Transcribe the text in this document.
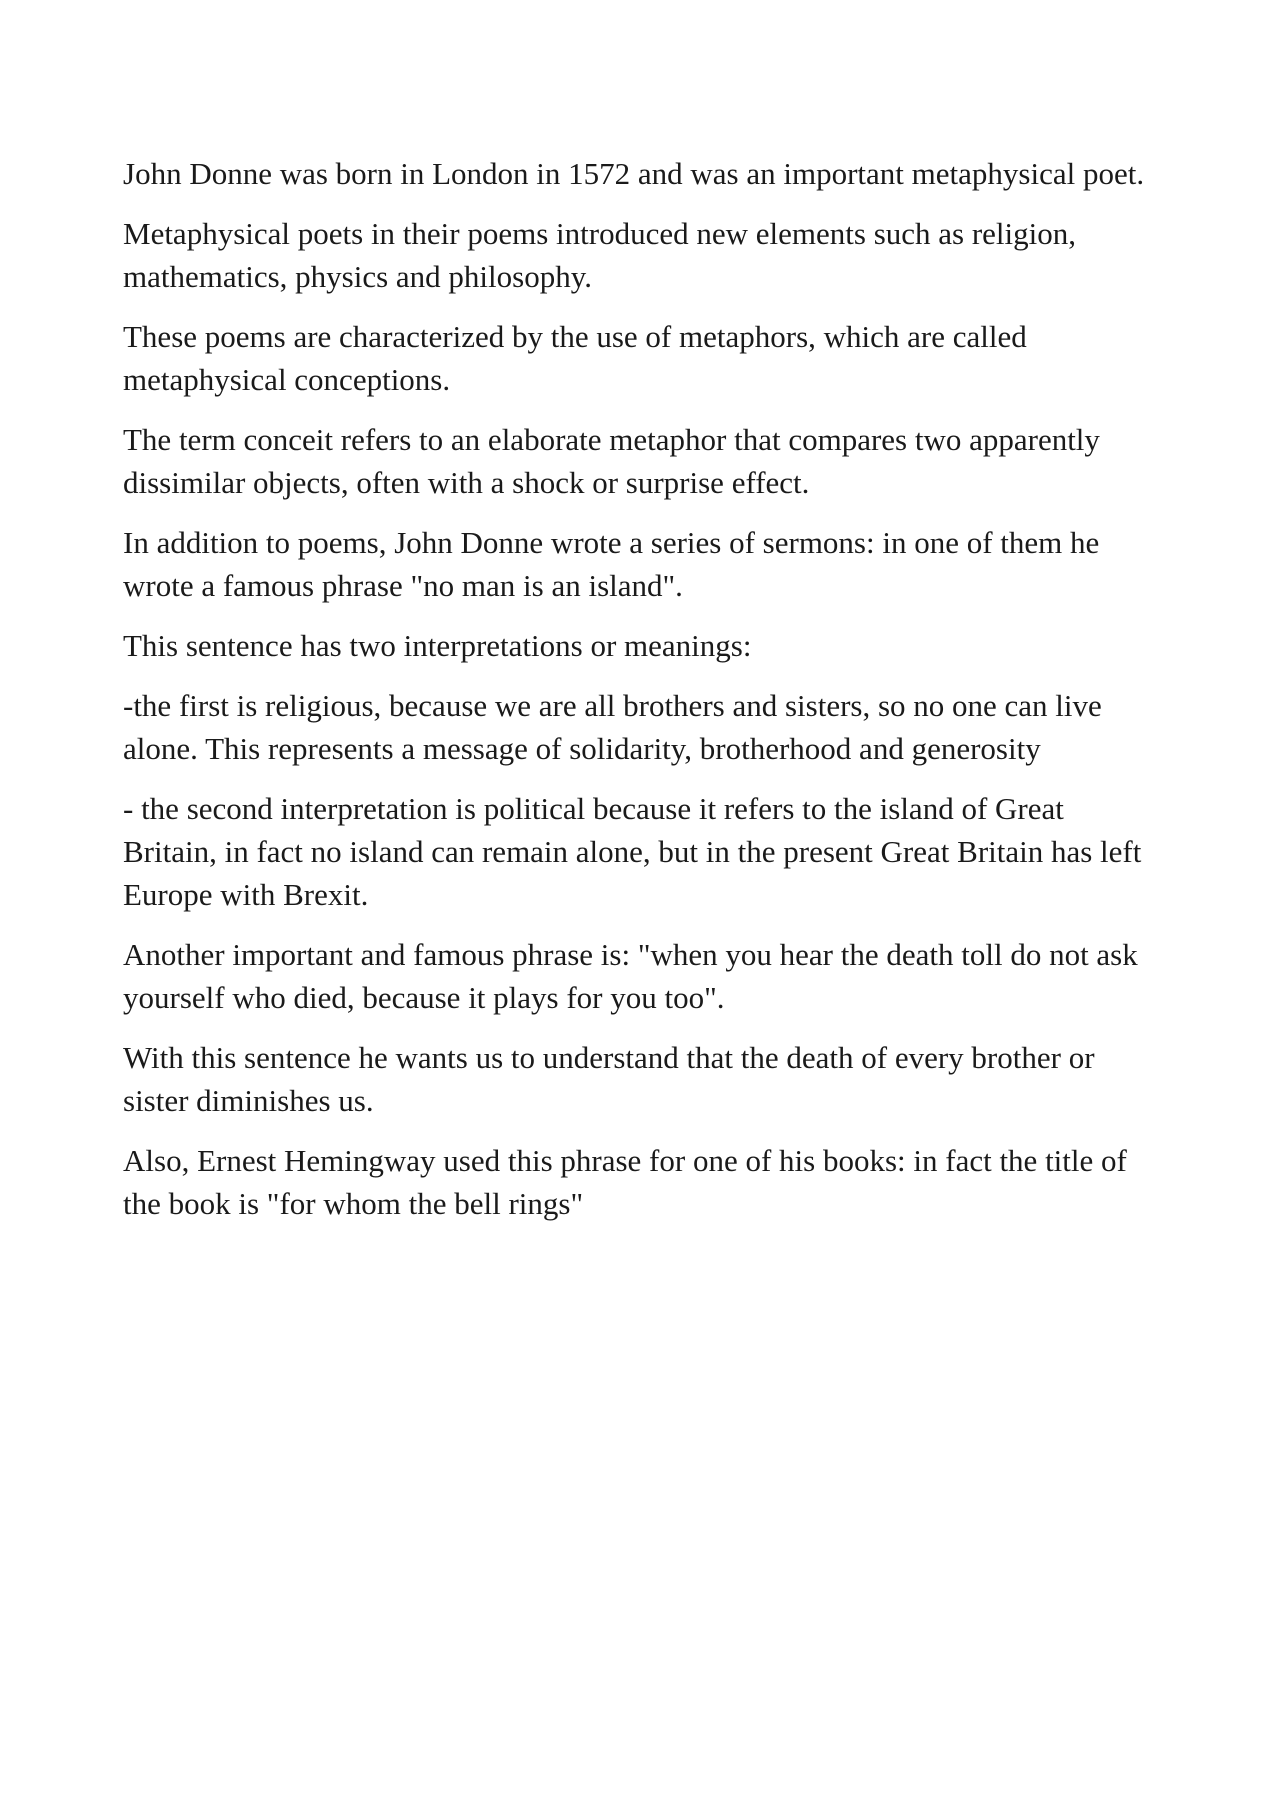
John Donne was born in London in 1572 and was an important metaphysical poet.

Metaphysical poets in their poems introduced new elements such as religion, mathematics, physics and philosophy.

These poems are characterized by the use of metaphors, which are called metaphysical conceptions.

The term conceit refers to an elaborate metaphor that compares two apparently dissimilar objects, often with a shock or surprise effect.

In addition to poems, John Donne wrote a series of sermons: in one of them he wrote a famous phrase "no man is an island".

This sentence has two interpretations or meanings:

-the first is religious, because we are all brothers and sisters, so no one can live alone. This represents a message of solidarity, brotherhood and generosity

- the second interpretation is political because it refers to the island of Great Britain, in fact no island can remain alone, but in the present Great Britain has left Europe with Brexit.

Another important and famous phrase is: "when you hear the death toll do not ask yourself who died, because it plays for you too".

With this sentence he wants us to understand that the death of every brother or sister diminishes us.

Also, Ernest Hemingway used this phrase for one of his books: in fact the title of the book is "for whom the bell rings"
